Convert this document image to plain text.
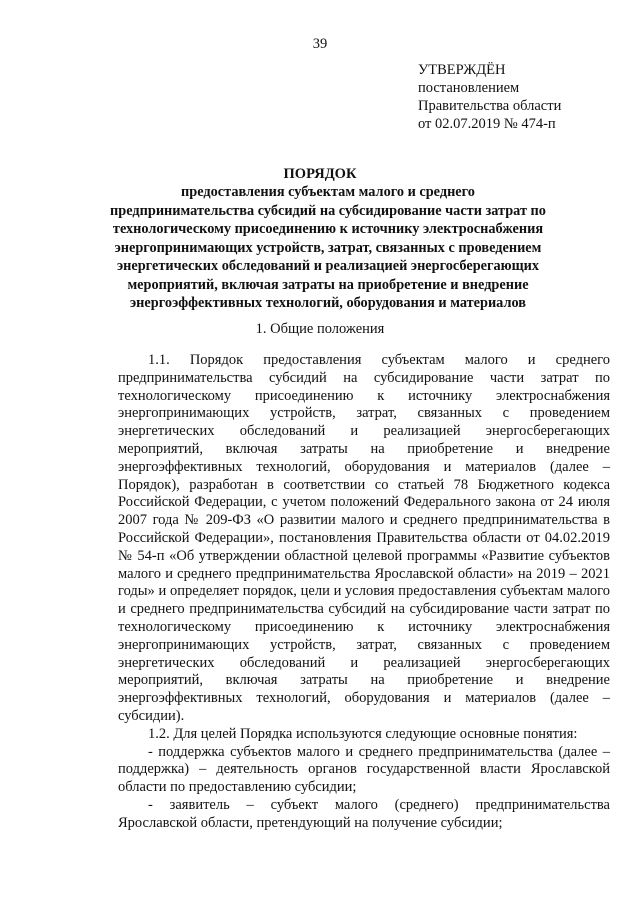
39
УТВЕРЖДЁН
постановлением
Правительства области
от 02.07.2019 № 474-п
ПОРЯДОК
предоставления субъектам малого и среднего предпринимательства субсидий на субсидирование части затрат по технологическому присоединению к источнику электроснабжения энергопринимающих устройств, затрат, связанных с проведением энергетических обследований и реализацией энергосберегающих мероприятий, включая затраты на приобретение и внедрение энергоэффективных технологий, оборудования и материалов
1. Общие положения

1.1. Порядок предоставления субъектам малого и среднего предпринимательства субсидий на субсидирование части затрат по технологическому присоединению к источнику электроснабжения энергопринимающих устройств, затрат, связанных с проведением энергетических обследований и реализацией энергосберегающих мероприятий, включая затраты на приобретение и внедрение энергоэффективных технологий, оборудования и материалов (далее – Порядок), разработан в соответствии со статьей 78 Бюджетного кодекса Российской Федерации, с учетом положений Федерального закона от 24 июля 2007 года № 209-ФЗ «О развитии малого и среднего предпринимательства в Российской Федерации», постановления Правительства области от 04.02.2019 № 54-п «Об утверждении областной целевой программы «Развитие субъектов малого и среднего предпринимательства Ярославской области» на 2019 – 2021 годы» и определяет порядок, цели и условия предоставления субъектам малого и среднего предпринимательства субсидий на субсидирование части затрат по технологическому присоединению к источнику электроснабжения энергопринимающих устройств, затрат, связанных с проведением энергетических обследований и реализацией энергосберегающих мероприятий, включая затраты на приобретение и внедрение энергоэффективных технологий, оборудования и материалов (далее – субсидии).

1.2. Для целей Порядка используются следующие основные понятия:

- поддержка субъектов малого и среднего предпринимательства (далее – поддержка) – деятельность органов государственной власти Ярославской области по предоставлению субсидии;

- заявитель – субъект малого (среднего) предпринимательства Ярославской области, претендующий на получение субсидии;
